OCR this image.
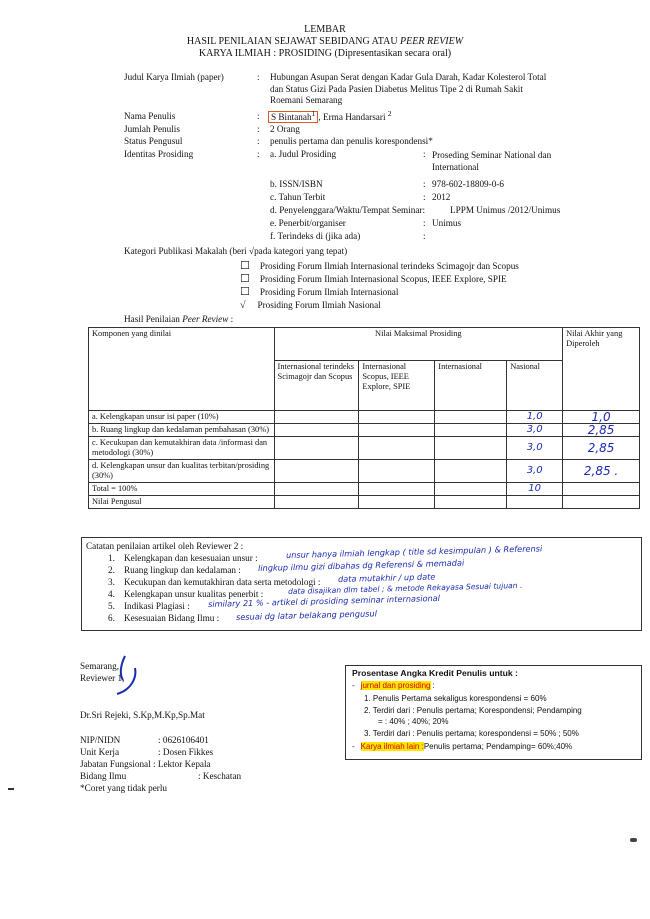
LEMBAR
HASIL PENILAIAN SEJAWAT SEBIDANG ATAU PEER REVIEW
KARYA ILMIAH : PROSIDING (Dipresentasikan secara oral)
Judul Karya Ilmiah (paper)	: Hubungan Asupan Serat dengan Kadar Gula Darah, Kadar Kolesterol Total
dan Status Gizi Pada Pasien Diabetus Melitus Tipe 2 di Rumah Sakit
Roemani Semarang
Nama Penulis	:	S Bintanah$^1$ , Erma Handarsari $^2$
Jumlah Penulis	: 2 Orang
Status Pengusul	: penulis pertama dan penulis korespondensi*
Identitas Prosiding	: a. Judul Prosiding	: Proseding Seminar National dan
International
b. ISSN/ISBN	: 978-602-18809-0-6
c. Tahun Terbit	: 2012
d. Penyelenggara/Waktu/Tempat Seminar:	LPPM Unimus /2012/Unimus
e. Penerbit/organiser	: Unimus
f. Terindeks di (jika ada)	:
Kategori Publikasi Makalah (beri √pada kategori yang tepat)
☐ Prosiding Forum Ilmiah Internasional terindeks Scimagojr dan Scopus
☐ Prosiding Forum Ilmiah Internasional Scopus, IEEE Explore, SPIE
☐ Prosiding Forum Ilmiah Internasional
√ Prosiding Forum Ilmiah Nasional
Hasil Penilaian Peer Review :
Komponen yang dinilai	Nilai Maksimal Prosiding				Nilai Akhir yang Diperoleh
	Internasional terindeks Scimagojr dan Scopus	Internasional Scopus, IEEE Explore, SPIE	Internasional	Nasional	
a. Kelengkapan unsur isi paper (10%)				1,0	1,0
b. Ruang lingkup dan kedalaman pembahasan (30%)				3,0	2,85
c. Kecukupan dan kemutakhiran data /informasi dan metodologi (30%)				3,0	2,85
d. Kelengkapan unsur dan kualitas terbitan/prosiding (30%)				3,0	2,85 .
Total = 100%				10	
Nilai Pengusul					
Catatan penilaian artikel oleh Reviewer 2 :
1. Kelengkapan dan kesesuaian unsur :	unsur hanya ilmiah lengkap ( title sd kesimpulan ) & Referensi
2. Ruang lingkup dan kedalaman : lingkup ilmu gizi dibahas dg Referensi & memadai
3. Kecukupan dan kemutakhiran data serta metodologi : data mutakhir / up date
4. Kelengkapan unsur kualitas penerbit :	data disajikan dlm tabel ; & metode Rekayasa Sesuai tujuan .
5. Indikasi Plagiasi : similary 21 % - artikel di prosiding seminar internasional
6. Kesesuaian Bidang Ilmu : sesuai dg latar belakang pengusul
Semarang,
Reviewer 1,
Dr.Sri Rejeki, S.Kp,M.Kp,Sp.Mat
NIP/NIDN	: 0626106401
Unit Kerja	: Dosen Fikkes
Jabatan Fungsional : Lektor Kepala
Bidang Ilmu	: Keschatan
*Coret yang tidak perlu
Prosentase Angka Kredit Penulis untuk :
- jurnal dan prosiding :
1. Penulis Pertama sekaligus korespondensi = 60%
2. Terdiri dari : Penulis pertama; Korespondensi; Pendamping
= : 40% ; 40%; 20%
3. Terdiri dari : Penulis pertama; korespondensi = 50% ; 50%
- Karya ilmiah lain :Penulis pertama; Pendamping= 60%;40%
